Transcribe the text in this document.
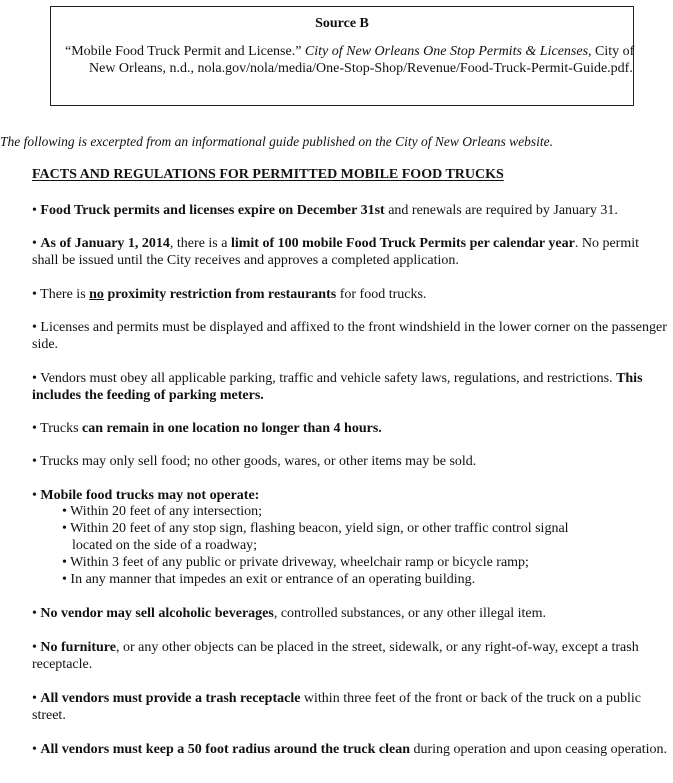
Source B
“Mobile Food Truck Permit and License.” City of New Orleans One Stop Permits & Licenses, City of New Orleans, n.d., nola.gov/nola/media/One-Stop-Shop/Revenue/Food-Truck-Permit-Guide.pdf.
The following is excerpted from an informational guide published on the City of New Orleans website.
FACTS AND REGULATIONS FOR PERMITTED MOBILE FOOD TRUCKS

• Food Truck permits and licenses expire on December 31st and renewals are required by January 31.

• As of January 1, 2014, there is a limit of 100 mobile Food Truck Permits per calendar year. No permit shall be issued until the City receives and approves a completed application.

• There is no proximity restriction from restaurants for food trucks.

• Licenses and permits must be displayed and affixed to the front windshield in the lower corner on the passenger side.

• Vendors must obey all applicable parking, traffic and vehicle safety laws, regulations, and restrictions. This includes the feeding of parking meters.

• Trucks can remain in one location no longer than 4 hours.

• Trucks may only sell food; no other goods, wares, or other items may be sold.

• Mobile food trucks may not operate:

• Within 20 feet of any intersection;
• Within 20 feet of any stop sign, flashing beacon, yield sign, or other traffic control signal located on the side of a roadway;
• Within 3 feet of any public or private driveway, wheelchair ramp or bicycle ramp;
• In any manner that impedes an exit or entrance of an operating building.

• No vendor may sell alcoholic beverages, controlled substances, or any other illegal item.

• No furniture, or any other objects can be placed in the street, sidewalk, or any right-of-way, except a trash receptacle.

• All vendors must provide a trash receptacle within three feet of the front or back of the truck on a public street.

• All vendors must keep a 50 foot radius around the truck clean during operation and upon ceasing operation.
